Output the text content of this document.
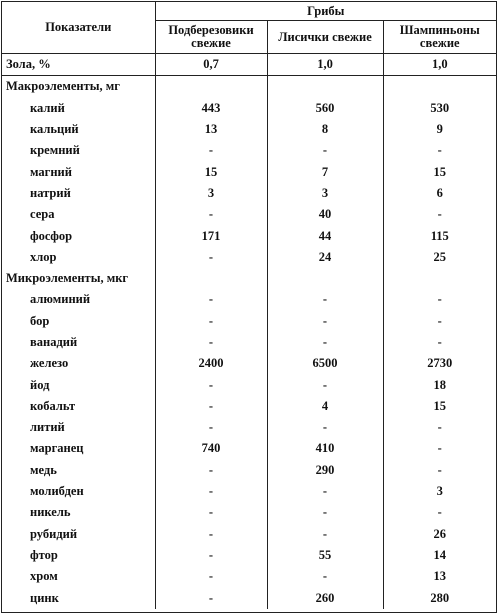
Показатели	Грибы		
	Подберезовики свежие	Лисички свежие	Шампиньоны свежие
Зола, %	0,7	1,0	1,0
Макроэлементы, мг			
калий	443	560	530
кальций	13	8	9
кремний	-	-	-
магний	15	7	15
натрий	3	3	6
сера	-	40	-
фосфор	171	44	115
хлор	-	24	25
Микроэлементы, мкг			
алюминий	-	-	-
бор	-	-	-
ванадий	-	-	-
железо	2400	6500	2730
йод	-	-	18
кобальт	-	4	15
литий	-	-	-
марганец	740	410	-
медь	-	290	-
молибден	-	-	3
никель	-	-	-
рубидий	-	-	26
фтор	-	55	14
хром	-	-	13
цинк	-	260	280
